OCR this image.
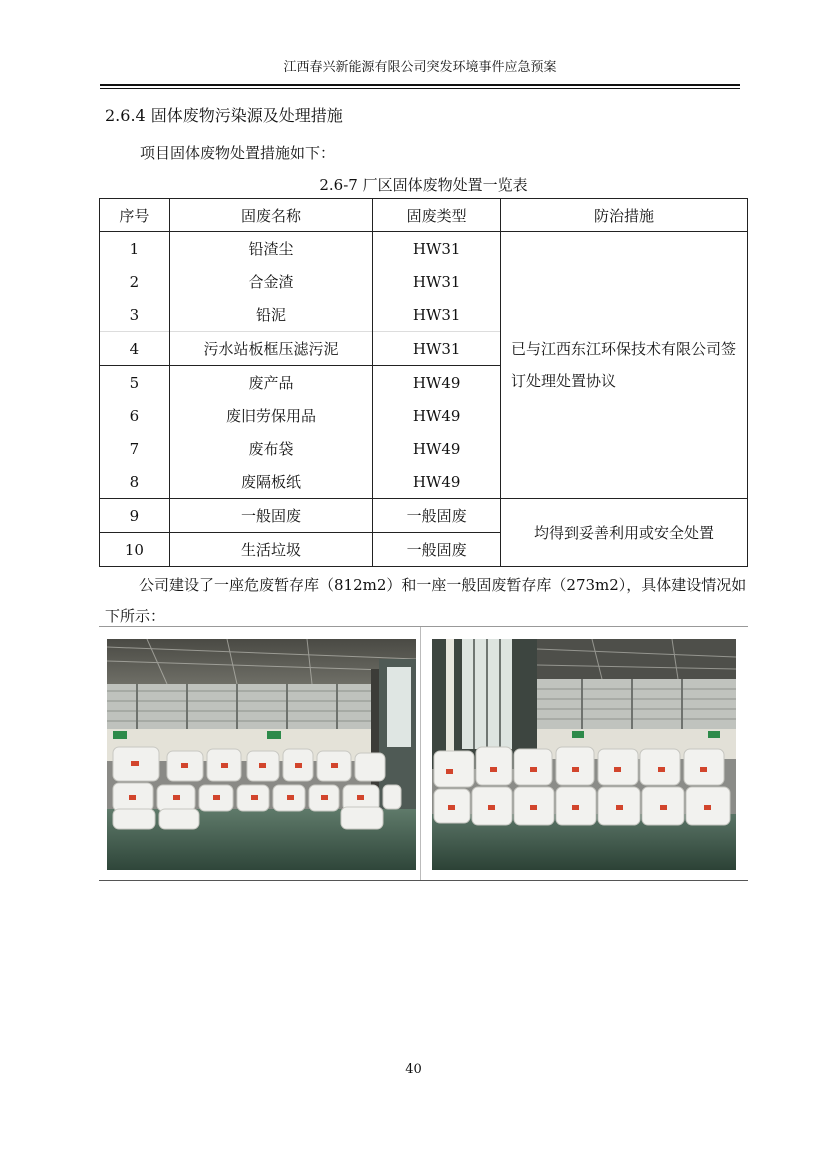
江西春兴新能源有限公司突发环境事件应急预案
2.6.4 固体废物污染源及处理措施
项目固体废物处置措施如下：
2.6-7 厂区固体废物处置一览表
序号	固废名称	固废类型	防治措施
1	铅渣尘	HW31	已与江西东江环保技术有限公司签订处理处置协议

2	合金渣	HW31	
3	铅泥	HW31	
4	污水站板框压滤污泥	HW31	
5	废产品	HW49	
6	废旧劳保用品	HW49	
7	废布袋	HW49	
8	废隔板纸	HW49	
9	一般固废	一般固废	均得到妥善利用或安全处置
10	生活垃圾	一般固废	
公司建设了一座危废暂存库（812m2）和一座一般固废暂存库（273m2），具体建设情况如下所示：
40
